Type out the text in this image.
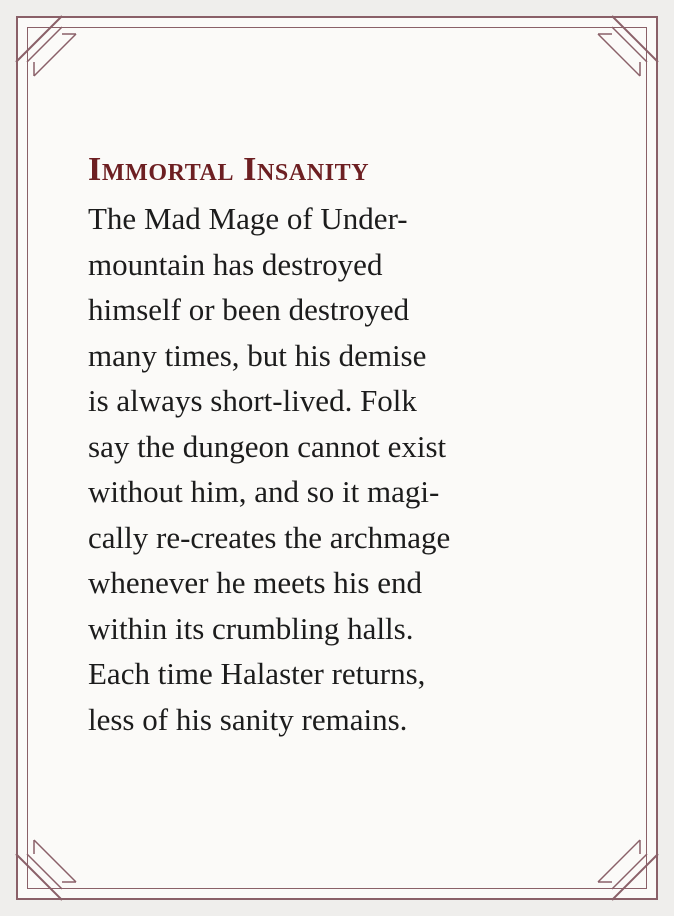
Immortal Insanity
The Mad Mage of Under-
mountain has destroyed
himself or been destroyed
many times, but his demise
is always short-lived. Folk
say the dungeon cannot exist
without him, and so it magi-
cally re-creates the archmage
whenever he meets his end
within its crumbling halls.
Each time Halaster returns,
less of his sanity remains.
